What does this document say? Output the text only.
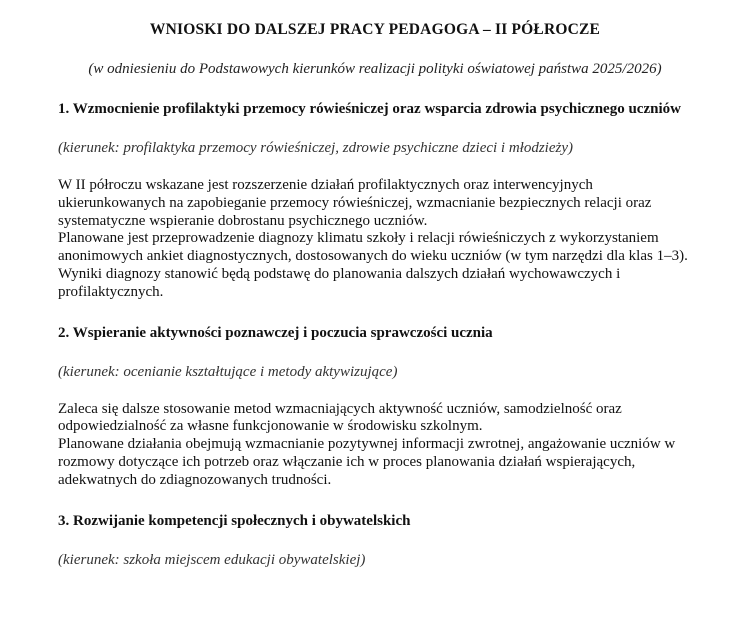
WNIOSKI DO DALSZEJ PRACY PEDAGOGA – II PÓŁROCZE
(w odniesieniu do Podstawowych kierunków realizacji polityki oświatowej państwa 2025/2026)
1. Wzmocnienie profilaktyki przemocy rówieśniczej oraz wsparcia zdrowia psychicznego uczniów
(kierunek: profilaktyka przemocy rówieśniczej, zdrowie psychiczne dzieci i młodzieży)

W II półroczu wskazane jest rozszerzenie działań profilaktycznych oraz interwencyjnych ukierunkowanych na zapobieganie przemocy rówieśniczej, wzmacnianie bezpiecznych relacji oraz systematyczne wspieranie dobrostanu psychicznego uczniów.

Planowane jest przeprowadzenie diagnozy klimatu szkoły i relacji rówieśniczych z wykorzystaniem anonimowych ankiet diagnostycznych, dostosowanych do wieku uczniów (w tym narzędzi dla klas 1–3). Wyniki diagnozy stanowić będą podstawę do planowania dalszych działań wychowawczych i profilaktycznych.

2. Wspieranie aktywności poznawczej i poczucia sprawczości ucznia
(kierunek: ocenianie kształtujące i metody aktywizujące)

Zaleca się dalsze stosowanie metod wzmacniających aktywność uczniów, samodzielność oraz odpowiedzialność za własne funkcjonowanie w środowisku szkolnym.

Planowane działania obejmują wzmacnianie pozytywnej informacji zwrotnej, angażowanie uczniów w rozmowy dotyczące ich potrzeb oraz włączanie ich w proces planowania działań wspierających, adekwatnych do zdiagnozowanych trudności.

3. Rozwijanie kompetencji społecznych i obywatelskich
(kierunek: szkoła miejscem edukacji obywatelskiej)
